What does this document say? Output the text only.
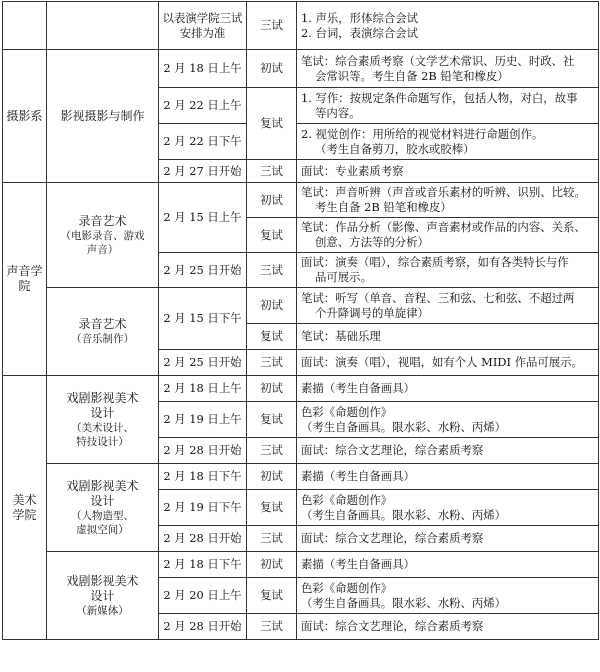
		以表演学院三试安排为准	三试	1. 声乐，形体综合会试
2. 台词，表演综合会试

摄影系	影视摄影与制作	2 月 18 日上午	初试	笔试：综合素质考察（文学艺术常识、历史、时政、社
会常识等。考生自备 2B 铅笔和橡皮）

		2 月 22 日上午	复试	1. 写作：按规定条件命题写作，包括人物，对白，故事
等内容。

		2 月 22 日下午		2. 视觉创作：用所给的视觉材料进行命题创作。
（考生自备剪刀，胶水或胶棒）

		2 月 27 日开始	三试	面试：专业素质考察
声音学院	录音艺术
（电影录音、游戏
声音）	2 月 15 日上午	初试	笔试：声音听辨（声音或音乐素材的听辨、识别、比较。
考生自备 2B 铅笔和橡皮）

			复试	笔试：作品分析（影像、声音素材或作品的内容、关系、
创意、方法等的分析）

		2 月 25 日开始	三试	面试：演奏（唱），综合素质考察，如有各类特长与作
品可展示。

	录音艺术
（音乐制作）	2 月 15 日下午	初试	笔试：听写（单音、音程、三和弦、七和弦、不超过两
个升降调号的单旋律）

			复试	笔试：基础乐理
		2 月 25 日开始	三试	面试：演奏（唱），视唱，如有个人 MIDI 作品可展示。

美术
学院	戏剧影视美术
设计
（美术设计、
特技设计）	2 月 18 日上午	初试	素描（考生自备画具）
		2 月 19 日上午	复试	色彩《命题创作》
（考生自备画具。限水彩、水粉、丙烯）

		2 月 28 日开始	三试	面试：综合文艺理论，综合素质考察

	戏剧影视美术
设计
（人物造型、
虚拟空间）	2 月 18 日下午	初试	素描（考生自备画具）
		2 月 19 日下午	复试	色彩《命题创作》
（考生自备画具。限水彩、水粉、丙烯）

		2 月 28 日开始	三试	面试：综合文艺理论，综合素质考察

	戏剧影视美术
设计
（新媒体）	2 月 18 日下午	初试	素描（考生自备画具）
		2 月 20 日上午	复试	色彩《命题创作》
（考生自备画具。限水彩、水粉、丙烯）

		2 月 28 日开始	三试	面试：综合文艺理论，综合素质考察
